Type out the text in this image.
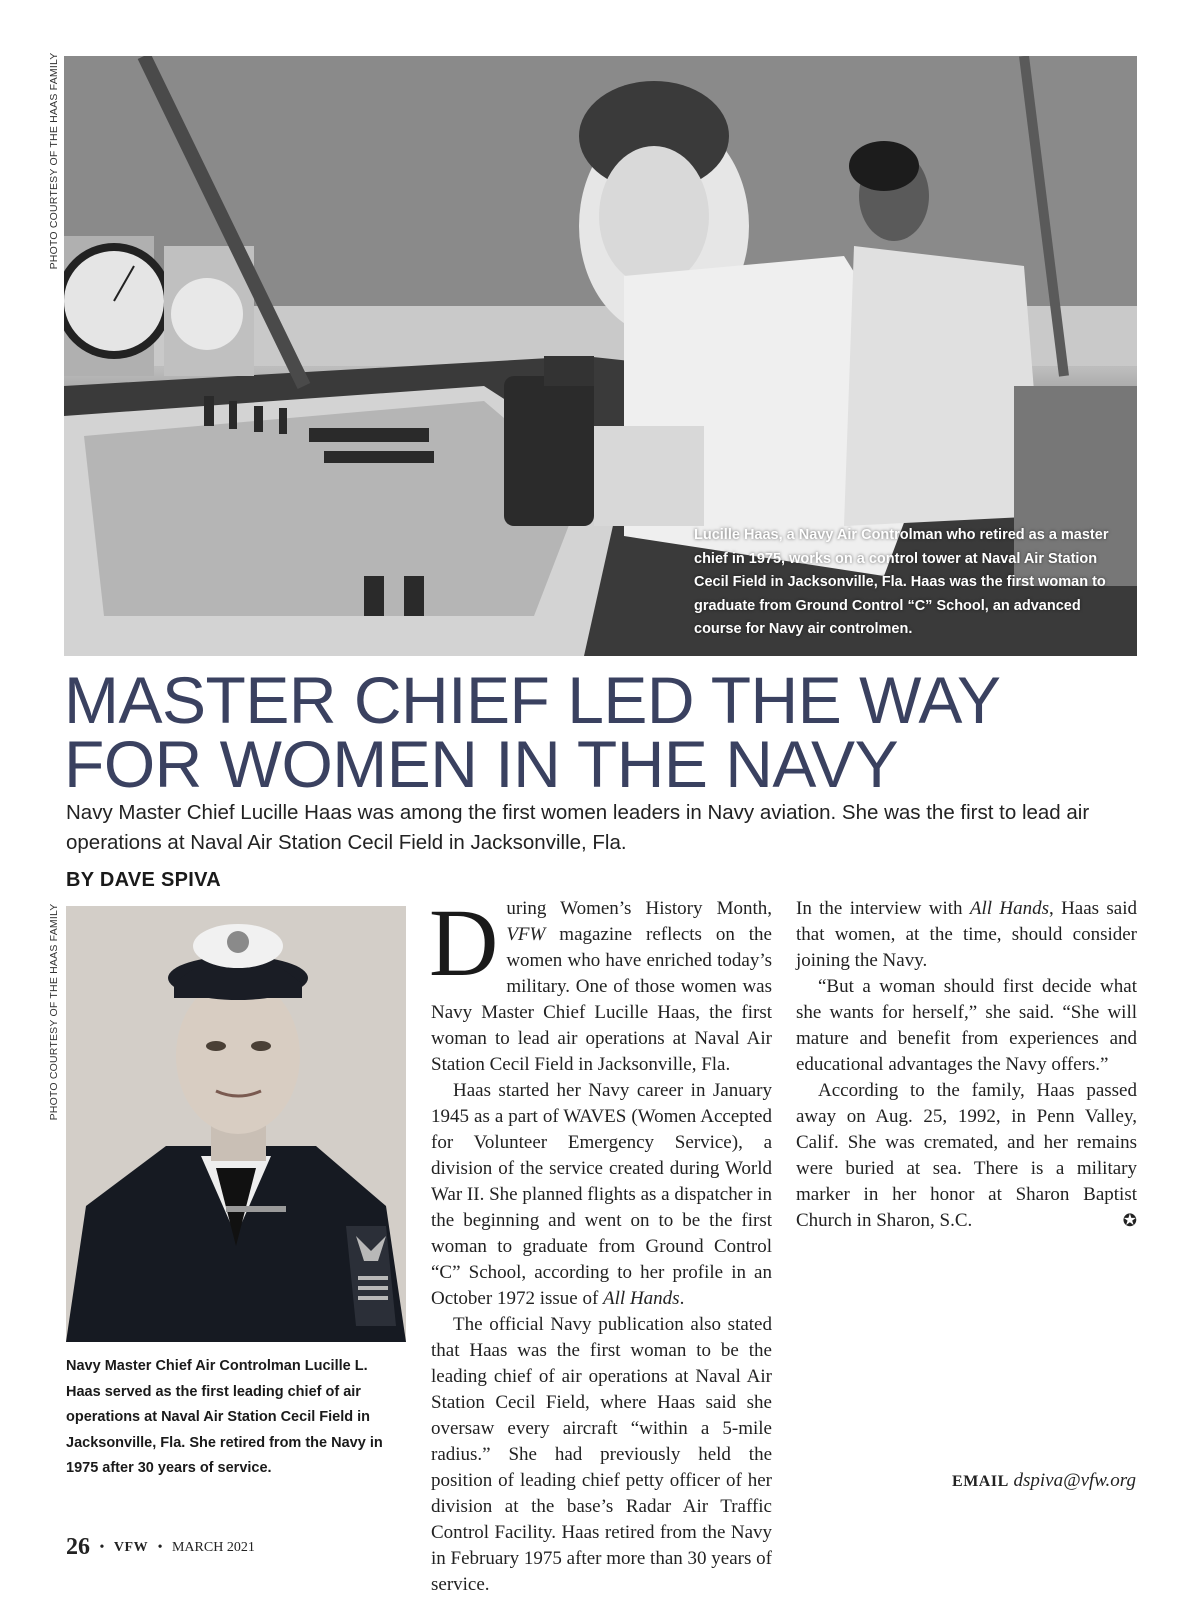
PHOTO COURTESY OF THE HAAS FAMILY
Lucille Haas, a Navy Air Controlman who retired as a master chief in 1975, works on a control tower at Naval Air Station Cecil Field in Jacksonville, Fla. Haas was the first woman to graduate from Ground Control “C” School, an advanced course for Navy air controlmen.
MASTER CHIEF LED THE WAY
FOR WOMEN IN THE NAVY
Navy Master Chief Lucille Haas was among the first women leaders in Navy aviation. She was the first to lead air operations at Naval Air Station Cecil Field in Jacksonville, Fla.
BY DAVE SPIVA
PHOTO COURTESY OF THE HAAS FAMILY
Navy Master Chief Air Controlman Lucille L. Haas served as the first leading chief of air operations at Naval Air Station Cecil Field in Jacksonville, Fla. She retired from the Navy in 1975 after 30 years of service.

During Women’s History Month, VFW magazine reflects on the women who have enriched today’s military. One of those women was Navy Master Chief Lucille Haas, the first woman to lead air operations at Naval Air Station Cecil Field in Jacksonville, Fla.

Haas started her Navy career in January 1945 as a part of WAVES (Women Accepted for Volunteer Emergency Service), a division of the service created during World War II. She planned flights as a dispatcher in the beginning and went on to be the first woman to graduate from Ground Control “C” School, according to her profile in an October 1972 issue of All Hands.

The official Navy publication also stated that Haas was the first woman to be the leading chief of air operations at Naval Air Station Cecil Field, where Haas said she oversaw every aircraft “within a 5-mile radius.” She had previously held the position of leading chief petty officer of her division at the base’s Radar Air Traffic Control Facility. Haas retired from the Navy in February 1975 after more than 30 years of service.

In the interview with All Hands, Haas said that women, at the time, should consider joining the Navy.

“But a woman should first decide what she wants for herself,” she said. “She will mature and benefit from experiences and educational advantages the Navy offers.”

According to the family, Haas passed away on Aug. 25, 1992, in Penn Valley, Calif. She was cremated, and her remains were buried at sea. There is a military marker in her honor at Sharon Baptist Church in Sharon, S.C.	✪

EMAIL dspiva@vfw.org
26 • VFW • MARCH 2021
